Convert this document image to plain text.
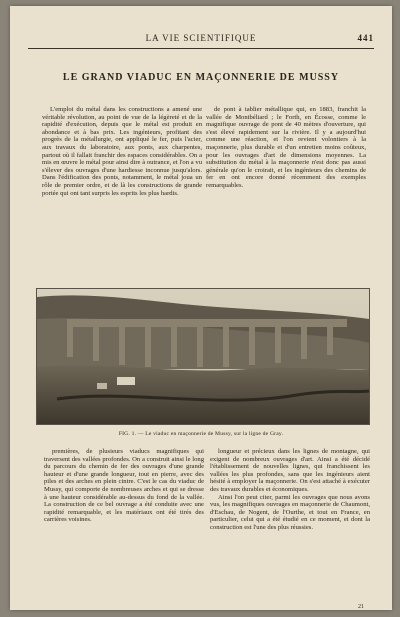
LA VIE SCIENTIFIQUE	441
LE GRAND VIADUC EN MAÇONNERIE DE MUSSY

L'emploi du métal dans les constructions a amené une véritable révolution, au point de vue de la légèreté et de la rapidité d'exécution, depuis que le métal est produit en abondance et à bas prix. Les ingénieurs, profitant des progrès de la métallurgie, ont appliqué le fer, puis l'acier, aux travaux du laboratoire, aux ponts, aux charpentes, partout où il fallait franchir des espaces considérables. On a mis en œuvre le métal pour ainsi dire à outrance, et l'on a vu s'élever des ouvrages d'une hardiesse inconnue jusqu'alors. Dans l'édification des ponts, notamment, le métal joua un rôle de premier ordre, et de là les constructions de grande portée qui ont tant surpris les esprits les plus hardis.

de pont à tablier métallique qui, en 1883, franchit la vallée de Montbéliard ; le Forth, en Écosse, comme le magnifique ouvrage de pont de 40 mètres d'ouverture, qui s'est élevé rapidement sur la rivière. Il y a aujourd'hui comme une réaction, et l'on revient volontiers à la maçonnerie, plus durable et d'un entretien moins coûteux, pour les ouvrages d'art de dimensions moyennes. La substitution du métal à la maçonnerie n'est donc pas aussi générale qu'on le croirait, et les ingénieurs des chemins de fer en ont encore donné récemment des exemples remarquables.

FIG. 1. — Le viaduc en maçonnerie de Mussy, sur la ligne de Gray.

premières, de plusieurs viaducs magnifiques qui traversent des vallées profondes. On a construit ainsi le long du parcours du chemin de fer des ouvrages d'une grande hauteur et d'une grande longueur, tout en pierre, avec des piles et des arches en plein cintre. C'est le cas du viaduc de Mussy, qui comporte de nombreuses arches et qui se dresse à une hauteur considérable au-dessus du fond de la vallée. La construction de ce bel ouvrage a été conduite avec une rapidité remarquable, et les matériaux ont été tirés des carrières voisines.

longueur et précieux dans les lignes de montagne, qui exigent de nombreux ouvrages d'art. Ainsi a été décidé l'établissement de nouvelles lignes, qui franchissent les vallées les plus profondes, sans que les ingénieurs aient hésité à employer la maçonnerie. On s'est attaché à exécuter des travaux durables et économiques.

Ainsi l'on peut citer, parmi les ouvrages que nous avons vus, les magnifiques ouvrages en maçonnerie de Chaumont, d'Eschau, de Nogent, de l'Ourthe, et tout en France, en particulier, celui qui a été étudié en ce moment, et dont la construction est l'une des plus réussies.

21
